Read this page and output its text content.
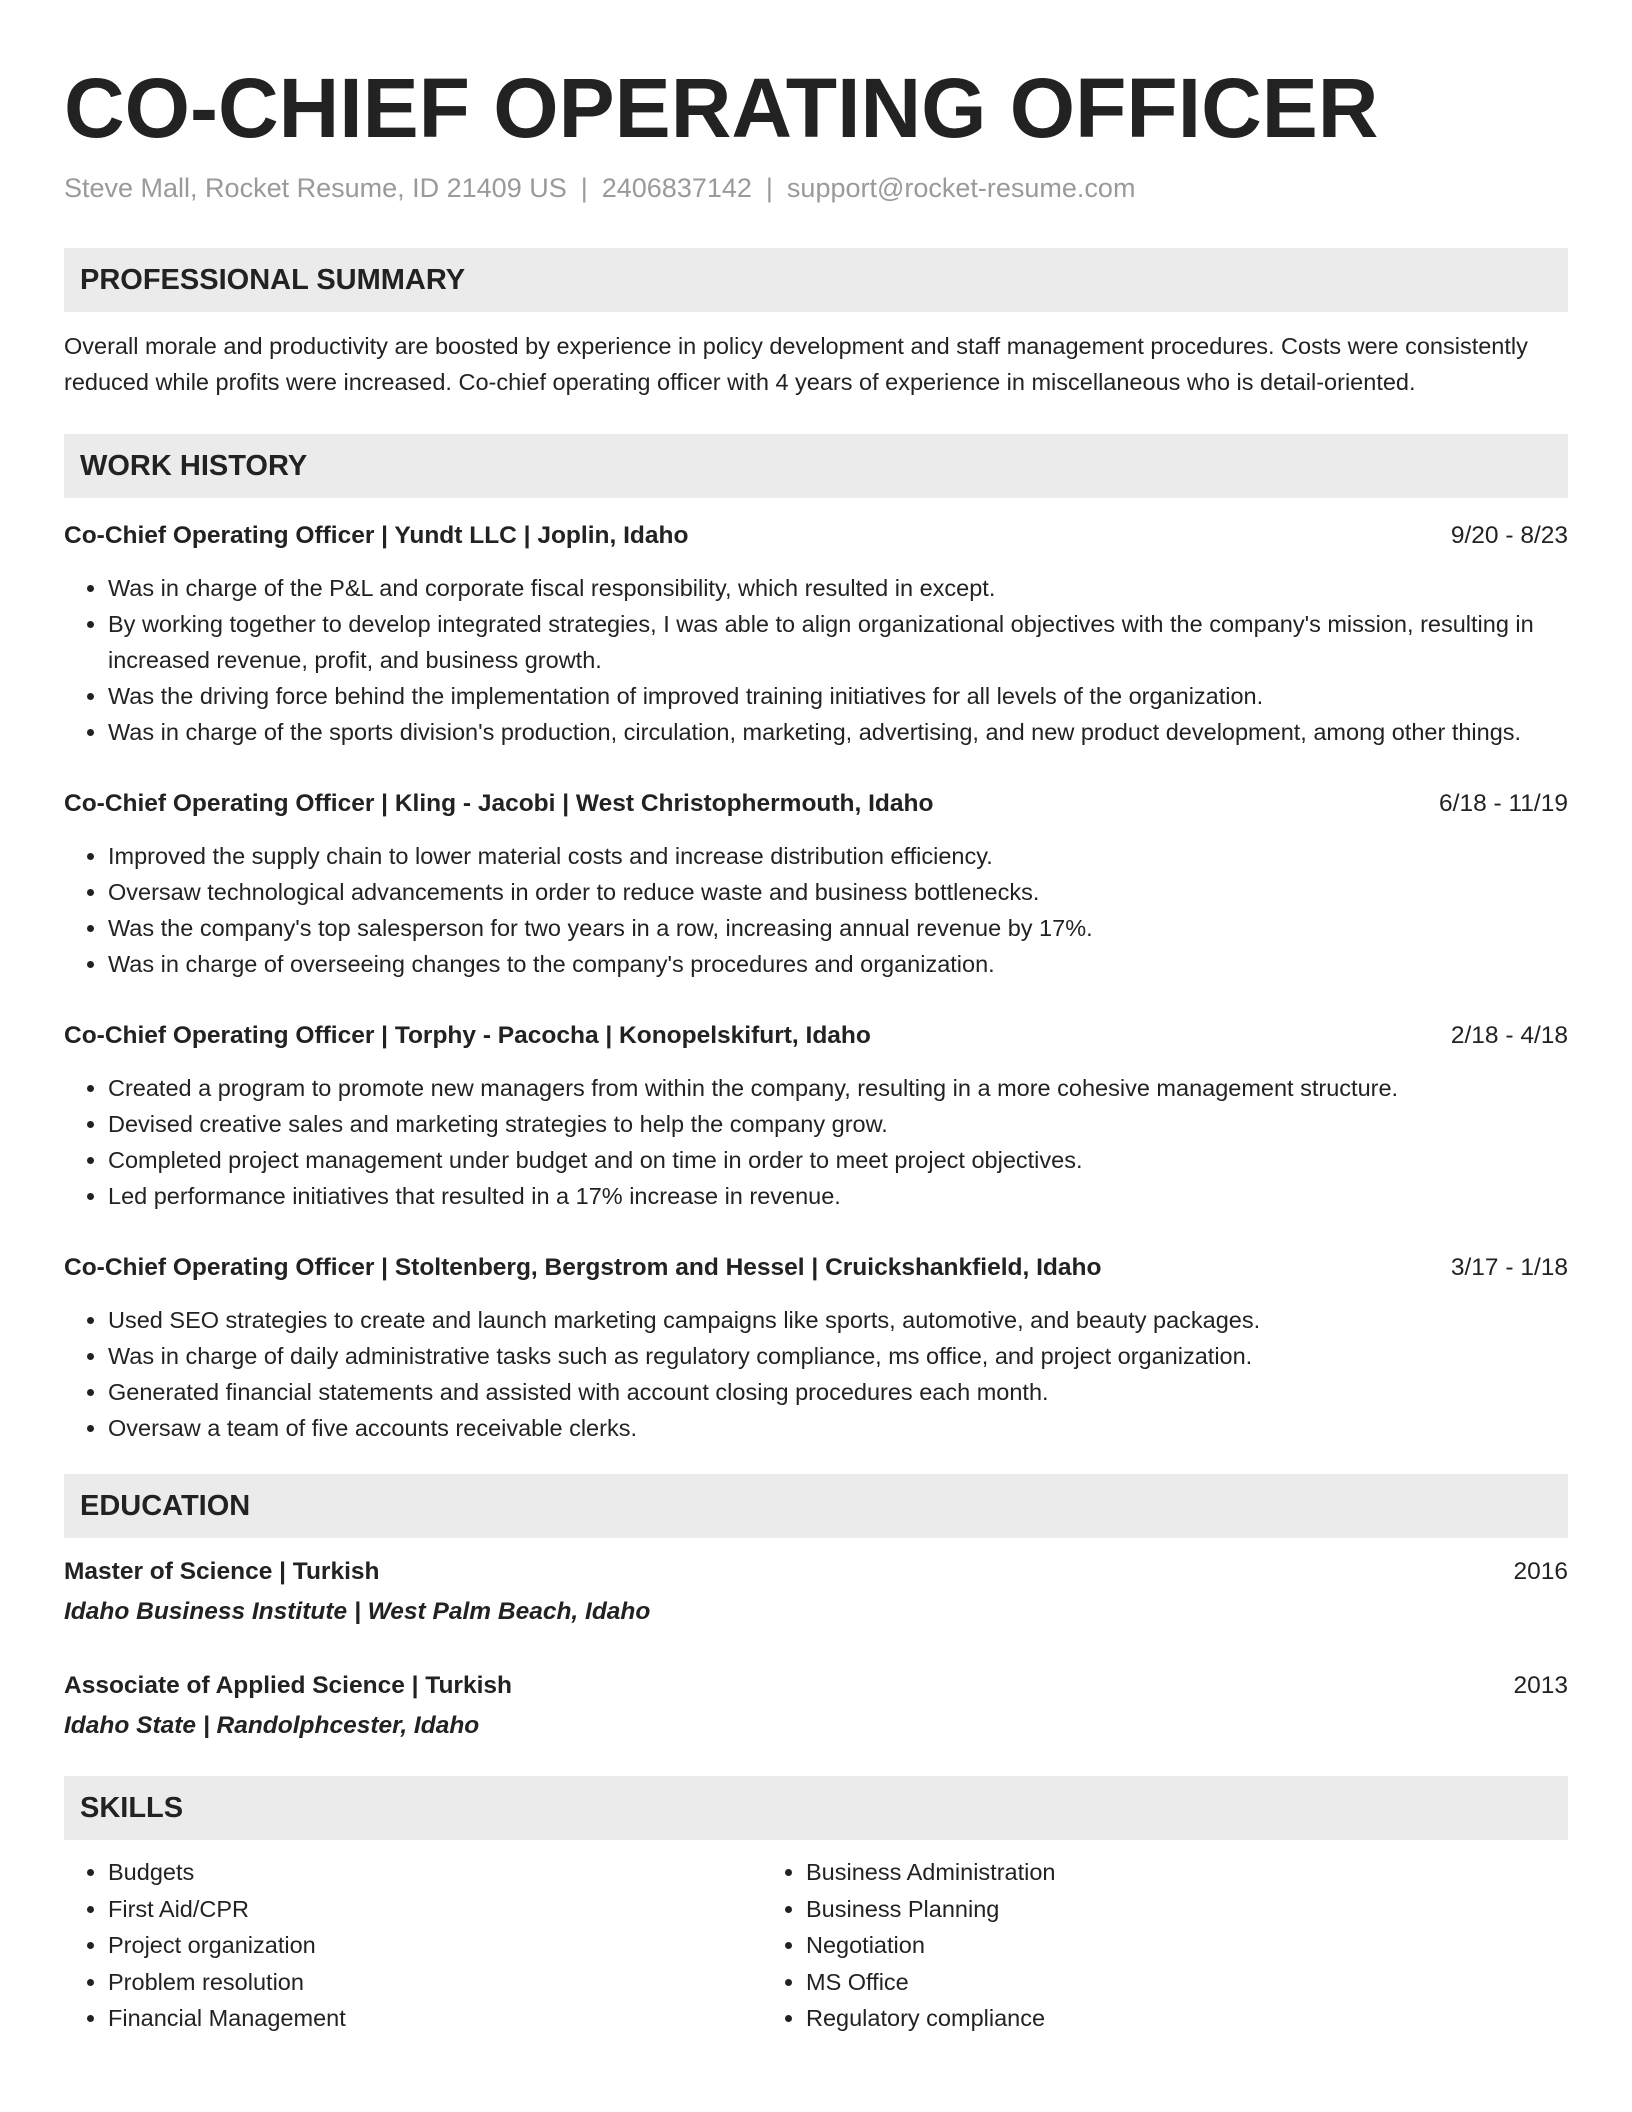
CO-CHIEF OPERATING OFFICER
Steve Mall, Rocket Resume, ID 21409 US | 2406837142 | support@rocket-resume.com
PROFESSIONAL SUMMARY

Overall morale and productivity are boosted by experience in policy development and staff management procedures. Costs were consistently reduced while profits were increased. Co-chief operating officer with 4 years of experience in miscellaneous who is detail-oriented.

WORK HISTORY
Co-Chief Operating Officer | Yundt LLC | Joplin, Idaho	9/20 - 8/23
• Was in charge of the P&L and corporate fiscal responsibility, which resulted in except.
• By working together to develop integrated strategies, I was able to align organizational objectives with the company's mission, resulting in increased revenue, profit, and business growth.
• Was the driving force behind the implementation of improved training initiatives for all levels of the organization.
• Was in charge of the sports division's production, circulation, marketing, advertising, and new product development, among other things.
Co-Chief Operating Officer | Kling - Jacobi | West Christophermouth, Idaho	6/18 - 11/19
• Improved the supply chain to lower material costs and increase distribution efficiency.
• Oversaw technological advancements in order to reduce waste and business bottlenecks.
• Was the company's top salesperson for two years in a row, increasing annual revenue by 17%.
• Was in charge of overseeing changes to the company's procedures and organization.
Co-Chief Operating Officer | Torphy - Pacocha | Konopelskifurt, Idaho	2/18 - 4/18
• Created a program to promote new managers from within the company, resulting in a more cohesive management structure.
• Devised creative sales and marketing strategies to help the company grow.
• Completed project management under budget and on time in order to meet project objectives.
• Led performance initiatives that resulted in a 17% increase in revenue.
Co-Chief Operating Officer | Stoltenberg, Bergstrom and Hessel | Cruickshankfield, Idaho	3/17 - 1/18
• Used SEO strategies to create and launch marketing campaigns like sports, automotive, and beauty packages.
• Was in charge of daily administrative tasks such as regulatory compliance, ms office, and project organization.
• Generated financial statements and assisted with account closing procedures each month.
• Oversaw a team of five accounts receivable clerks.
EDUCATION
Master of Science | Turkish	2016
Idaho Business Institute | West Palm Beach, Idaho
Associate of Applied Science | Turkish	2013
Idaho State | Randolphcester, Idaho
SKILLS
• Budgets
• First Aid/CPR
• Project organization
• Problem resolution
• Financial Management
• Business Administration
• Business Planning
• Negotiation
• MS Office
• Regulatory compliance
